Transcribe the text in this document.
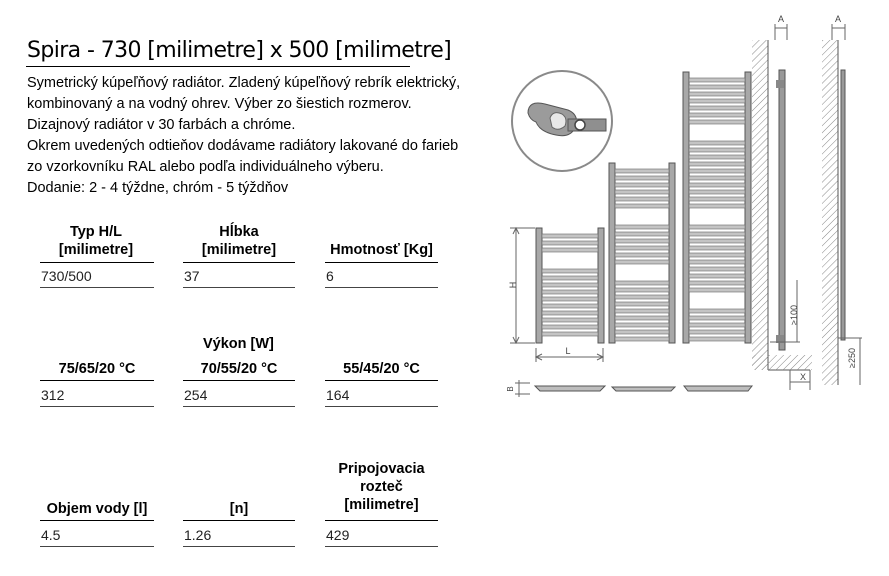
Spira - 730 [milimetre] x 500 [milimetre]
Symetrický kúpeľňový radiátor. Zladený kúpeľňový rebrík elektrický,
kombinovaný a na vodný ohrev. Výber zo šiestich rozmerov.
Dizajnový radiátor v 30 farbách a chróme.
Okrem uvedených odtieňov dodávame radiátory lakované do farieb
zo vzorkovníku RAL alebo podľa individuálneho výberu.
Dodanie: 2 - 4 týždne, chróm - 5 týždňov
Typ H/L
[milimetre]
730/500
Hĺbka
[milimetre]
37
Hmotnosť [Kg]
6
Výkon [W]
75/65/20 °C
312
70/55/20 °C
254
55/45/20 °C
164
Objem vody [l]
4.5
[n]
1.26
Pripojovacia
rozteč
[milimetre]
429
H
L
B
A
≥100
X
A
≥250
